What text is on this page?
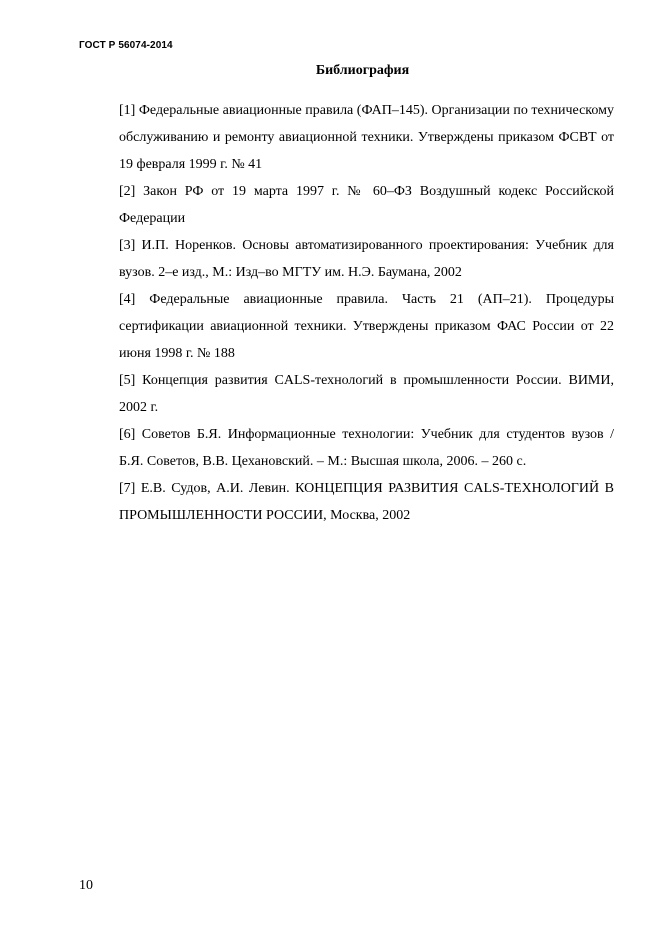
ГОСТ Р 56074-2014
Библиография
[1] Федеральные авиационные правила (ФАП–145). Организации по техническому обслуживанию и ремонту авиационной техники. Утверждены приказом ФСВТ от 19 февраля 1999 г. № 41
[2] Закон РФ от 19 марта 1997 г. № 60–ФЗ Воздушный кодекс Российской Федерации
[3] И.П. Норенков. Основы автоматизированного проектирования: Учебник для вузов. 2–е изд., М.: Изд–во МГТУ им. Н.Э. Баумана, 2002
[4] Федеральные авиационные правила. Часть 21 (АП–21). Процедуры сертификации авиационной техники. Утверждены приказом ФАС России от 22 июня 1998 г. № 188
[5] Концепция развития CALS-технологий в промышленности России. ВИМИ, 2002 г.
[6] Советов Б.Я. Информационные технологии: Учебник для студентов вузов / Б.Я. Советов, В.В. Цехановский. – М.: Высшая школа, 2006. – 260 с.
[7] Е.В. Судов, А.И. Левин. КОНЦЕПЦИЯ РАЗВИТИЯ CALS-ТЕХНОЛОГИЙ В ПРОМЫШЛЕННОСТИ РОССИИ, Москва, 2002
10
